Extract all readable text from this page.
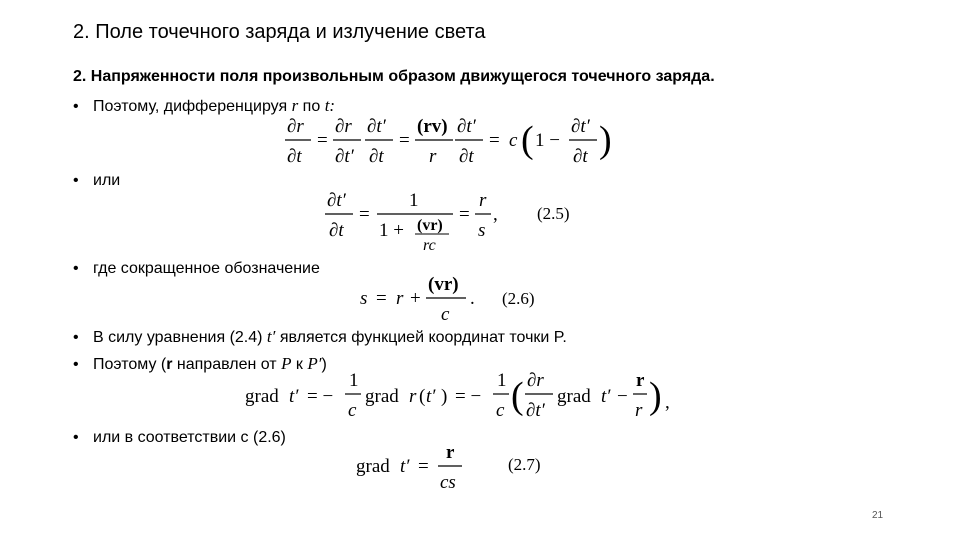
2. Поле точечного заряда и излучение света
2. Напряженности поля произвольным образом движущегося точечного заряда.
• Поэтому, дифференцируя r по t:
∂r
∂t
=
∂r
∂t′
∂t′
∂t
=
(rv)
r
∂t′
∂t
= c ( 1 −
∂t′
∂t )
• или
∂t′
∂t
=
1
1 + (vr)
rc
=
r
s
, (2.5)
• где сокращенное обозначение
s = r +
(vr)
c
. (2.6)
• В силу уравнения (2.4) t′ является функцией координат точки P.
• Поэтому (r направлен от P к P′)
grad t′ = −
1
c
grad r ( t′ ) = −
1
c ( ∂r
∂t′
grad t′ −
r
r ) ,
• или в соответствии с (2.6)
grad t′ =
r
cs
(2.7)
21
